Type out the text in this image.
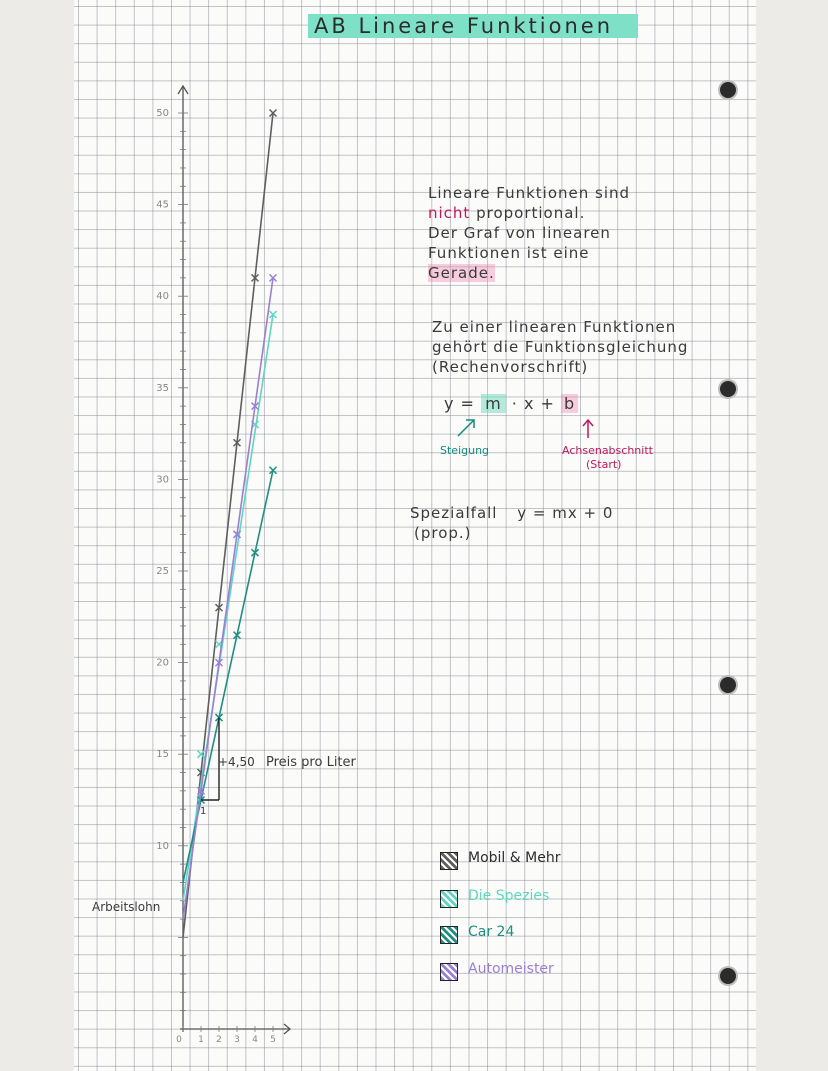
AB Lineare Funktionen
Lineare Funktionen sind
nicht proportional.
Der Graf von linearen
Funktionen ist eine
Gerade.
Zu einer linearen Funktionen
gehört die Funktionsgleichung
(Rechenvorschrift)
y = m · x + b
Steigung	Achsenabschnitt
(Start)
Spezialfall y = mx + 0
(prop.)
10
15
20
25
30
35
40
45
50
0 1 2 3 4 5
Arbeitslohn
+4,50 Preis pro Liter
1
Mobil & Mehr
Die Spezies
Car 24
Automeister
